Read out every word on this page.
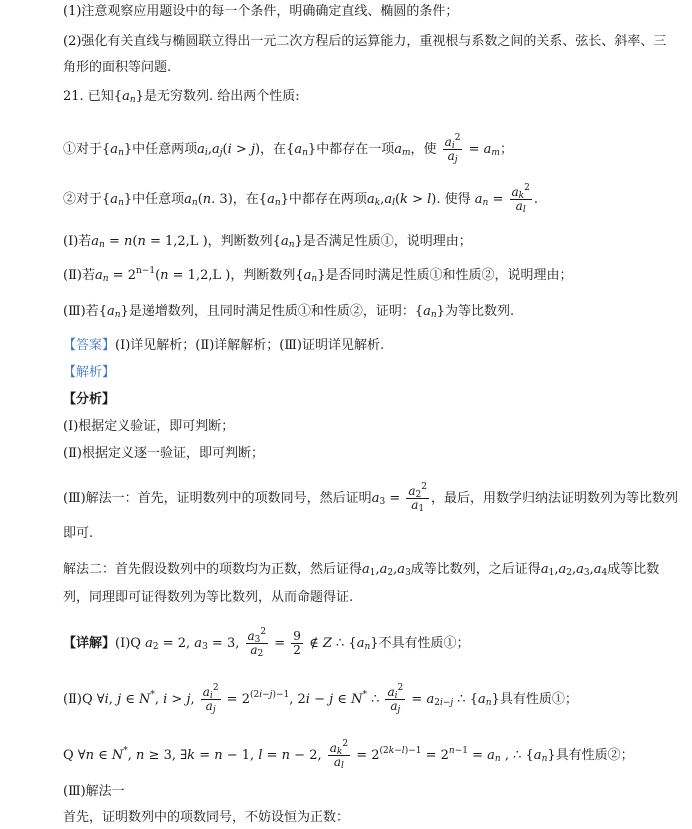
(1)注意观察应用题设中的每一个条件，明确确定直线、椭圆的条件；
(2)强化有关直线与椭圆联立得出一元二次方程后的运算能力，重视根与系数之间的关系、弦长、斜率、三
角形的面积等问题.
21. 已知$\{a_n\}$是无穷数列. 给出两个性质:
①对于$\{a_n\}$中任意两项$a_i,a_j(i > j)$，在$\{a_n\}$中都存在一项$a_m$，使 $\frac{a_i^2}{a_j} = a_m$；
②对于$\{a_n\}$中任意项$a_n(n$. 3)，在$\{a_n\}$中都存在两项$a_k,a_l(k > l)$. 使得 $a_n = \frac{a_k^2}{a_l}$ .
(Ⅰ)若$a_n = n(n = 1,2,L$ )，判断数列$\{a_n\}$是否满足性质①，说明理由；
(Ⅱ)若$a_n = 2^{n-1}(n = 1,2,L$ )，判断数列$\{a_n\}$是否同时满足性质①和性质②，说明理由；
(Ⅲ)若$\{a_n\}$是递增数列，且同时满足性质①和性质②，证明：$\{a_n\}$为等比数列.
【答案】(Ⅰ)详见解析；(Ⅱ)详解解析；(Ⅲ)证明详见解析.
【解析】
【分析】
(Ⅰ)根据定义验证，即可判断；
(Ⅱ)根据定义逐一验证，即可判断；
(Ⅲ)解法一：首先，证明数列中的项数同号，然后证明$a_3 = \frac{a_2^2}{a_1}$ ，最后，用数学归纳法证明数列为等比数列
即可.
解法二：首先假设数列中的项数均为正数，然后证得$a_1,a_2,a_3$成等比数列，之后证得$a_1,a_2,a_3,a_4$成等比数
列，同理即可证得数列为等比数列，从而命题得证.
【详解】(Ⅰ)Q $a_2 = 2$, $a_3 = 3$, $\frac{a_3^2}{a_2} = \frac{9}{2}$ ∉ Z ∴ $\{a_n\}$不具有性质①；
(Ⅱ)Q ∀i, j ∈ N*, i > j, $\frac{a_i^2}{a_j} = 2^{(2i-j)-1}$, 2i − j ∈ N* ∴ $\frac{a_i^2}{a_j} = a_{2i-j}$ ∴ $\{a_n\}$具有性质①；
Q ∀n ∈ N*, n ≥ 3, ∃k = n − 1, l = n − 2, $\frac{a_k^2}{a_l} = 2^{(2k-l)-1} = 2^{n-1} = a_n$ , ∴ $\{a_n\}$具有性质②；
(Ⅲ)解法一
首先，证明数列中的项数同号，不妨设恒为正数：
